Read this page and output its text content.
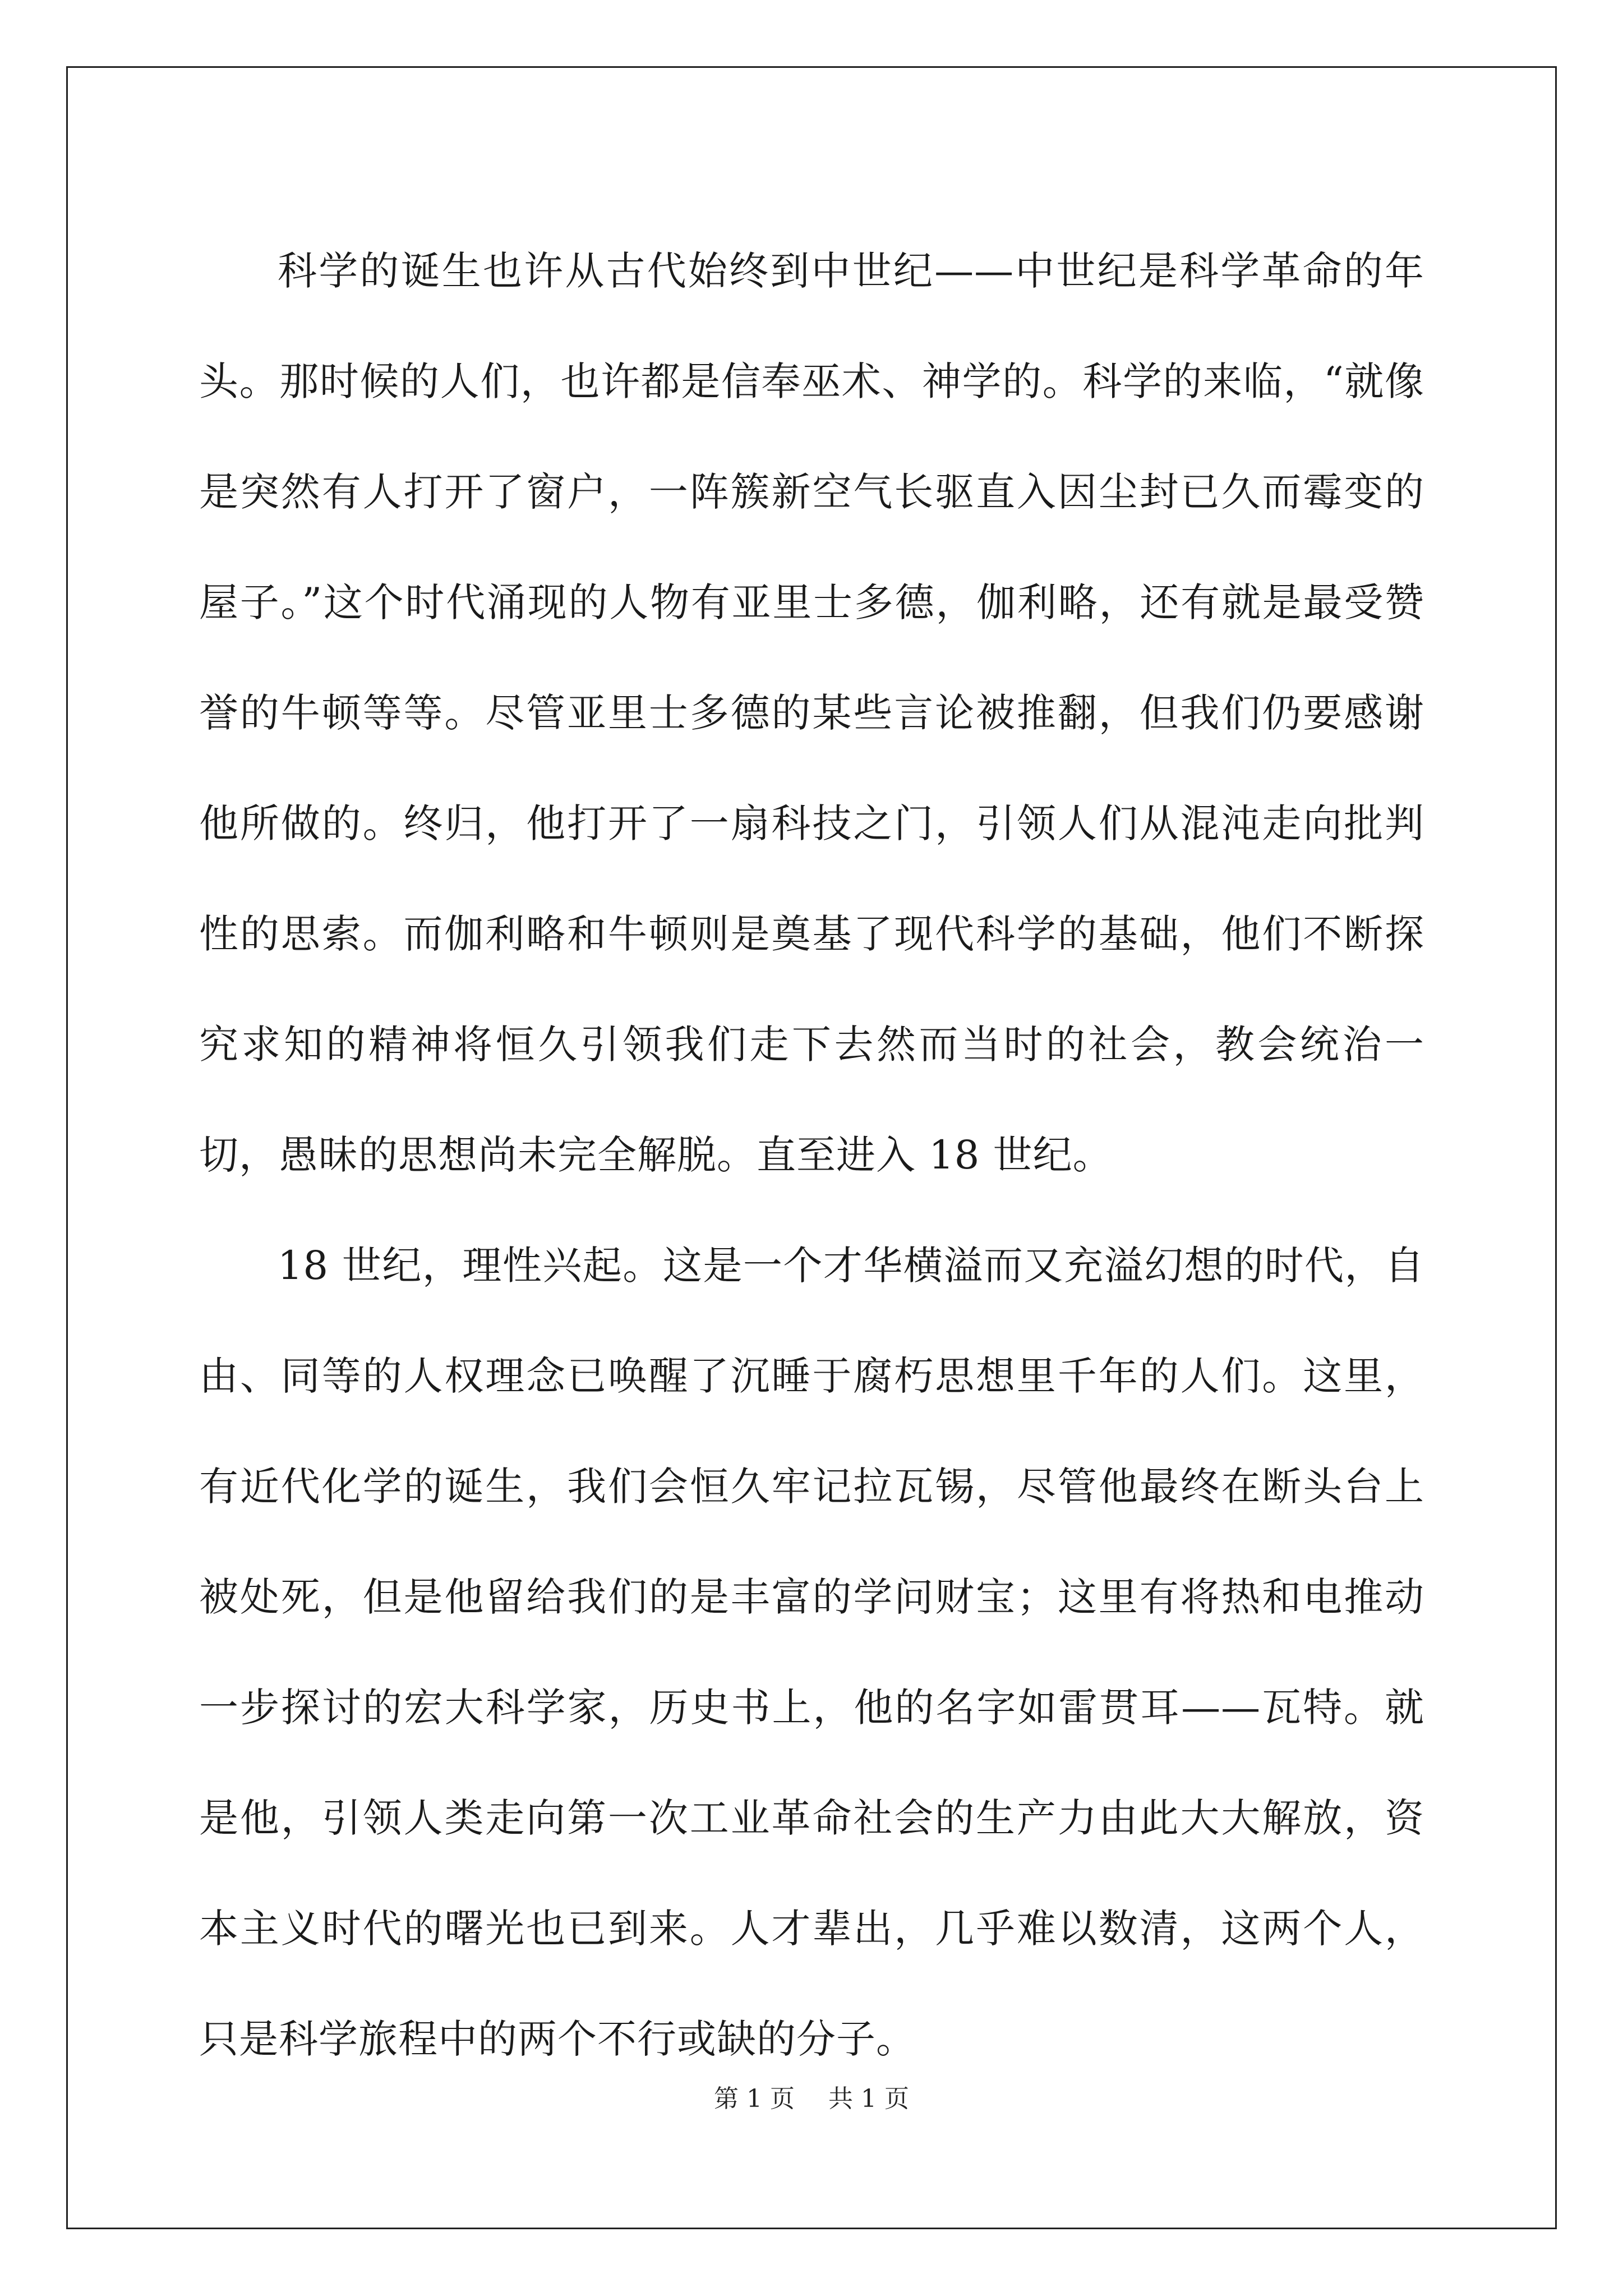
科学的诞生也许从古代始终到中世纪——中世纪是科学革命的年头。那时候的人们，也许都是信奉巫术、神学的。科学的来临，“就像是突然有人打开了窗户，一阵簇新空气长驱直入因尘封已久而霉变的屋子。”这个时代涌现的人物有亚里士多德，伽利略，还有就是最受赞誉的牛顿等等。尽管亚里士多德的某些言论被推翻，但我们仍要感谢他所做的。终归，他打开了一扇科技之门，引领人们从混沌走向批判性的思索。而伽利略和牛顿则是奠基了现代科学的基础，他们不断探究求知的精神将恒久引领我们走下去然而当时的社会，教会统治一切，愚昧的思想尚未完全解脱。直至进入 18 世纪。

18 世纪，理性兴起。这是一个才华横溢而又充溢幻想的时代，自由、同等的人权理念已唤醒了沉睡于腐朽思想里千年的人们。这里，有近代化学的诞生，我们会恒久牢记拉瓦锡，尽管他最终在断头台上被处死，但是他留给我们的是丰富的学问财宝；这里有将热和电推动一步探讨的宏大科学家，历史书上，他的名字如雷贯耳——瓦特。就是他，引领人类走向第一次工业革命社会的生产力由此大大解放，资本主义时代的曙光也已到来。人才辈出，几乎难以数清，这两个人，只是科学旅程中的两个不行或缺的分子。

第 1 页 共 1 页
